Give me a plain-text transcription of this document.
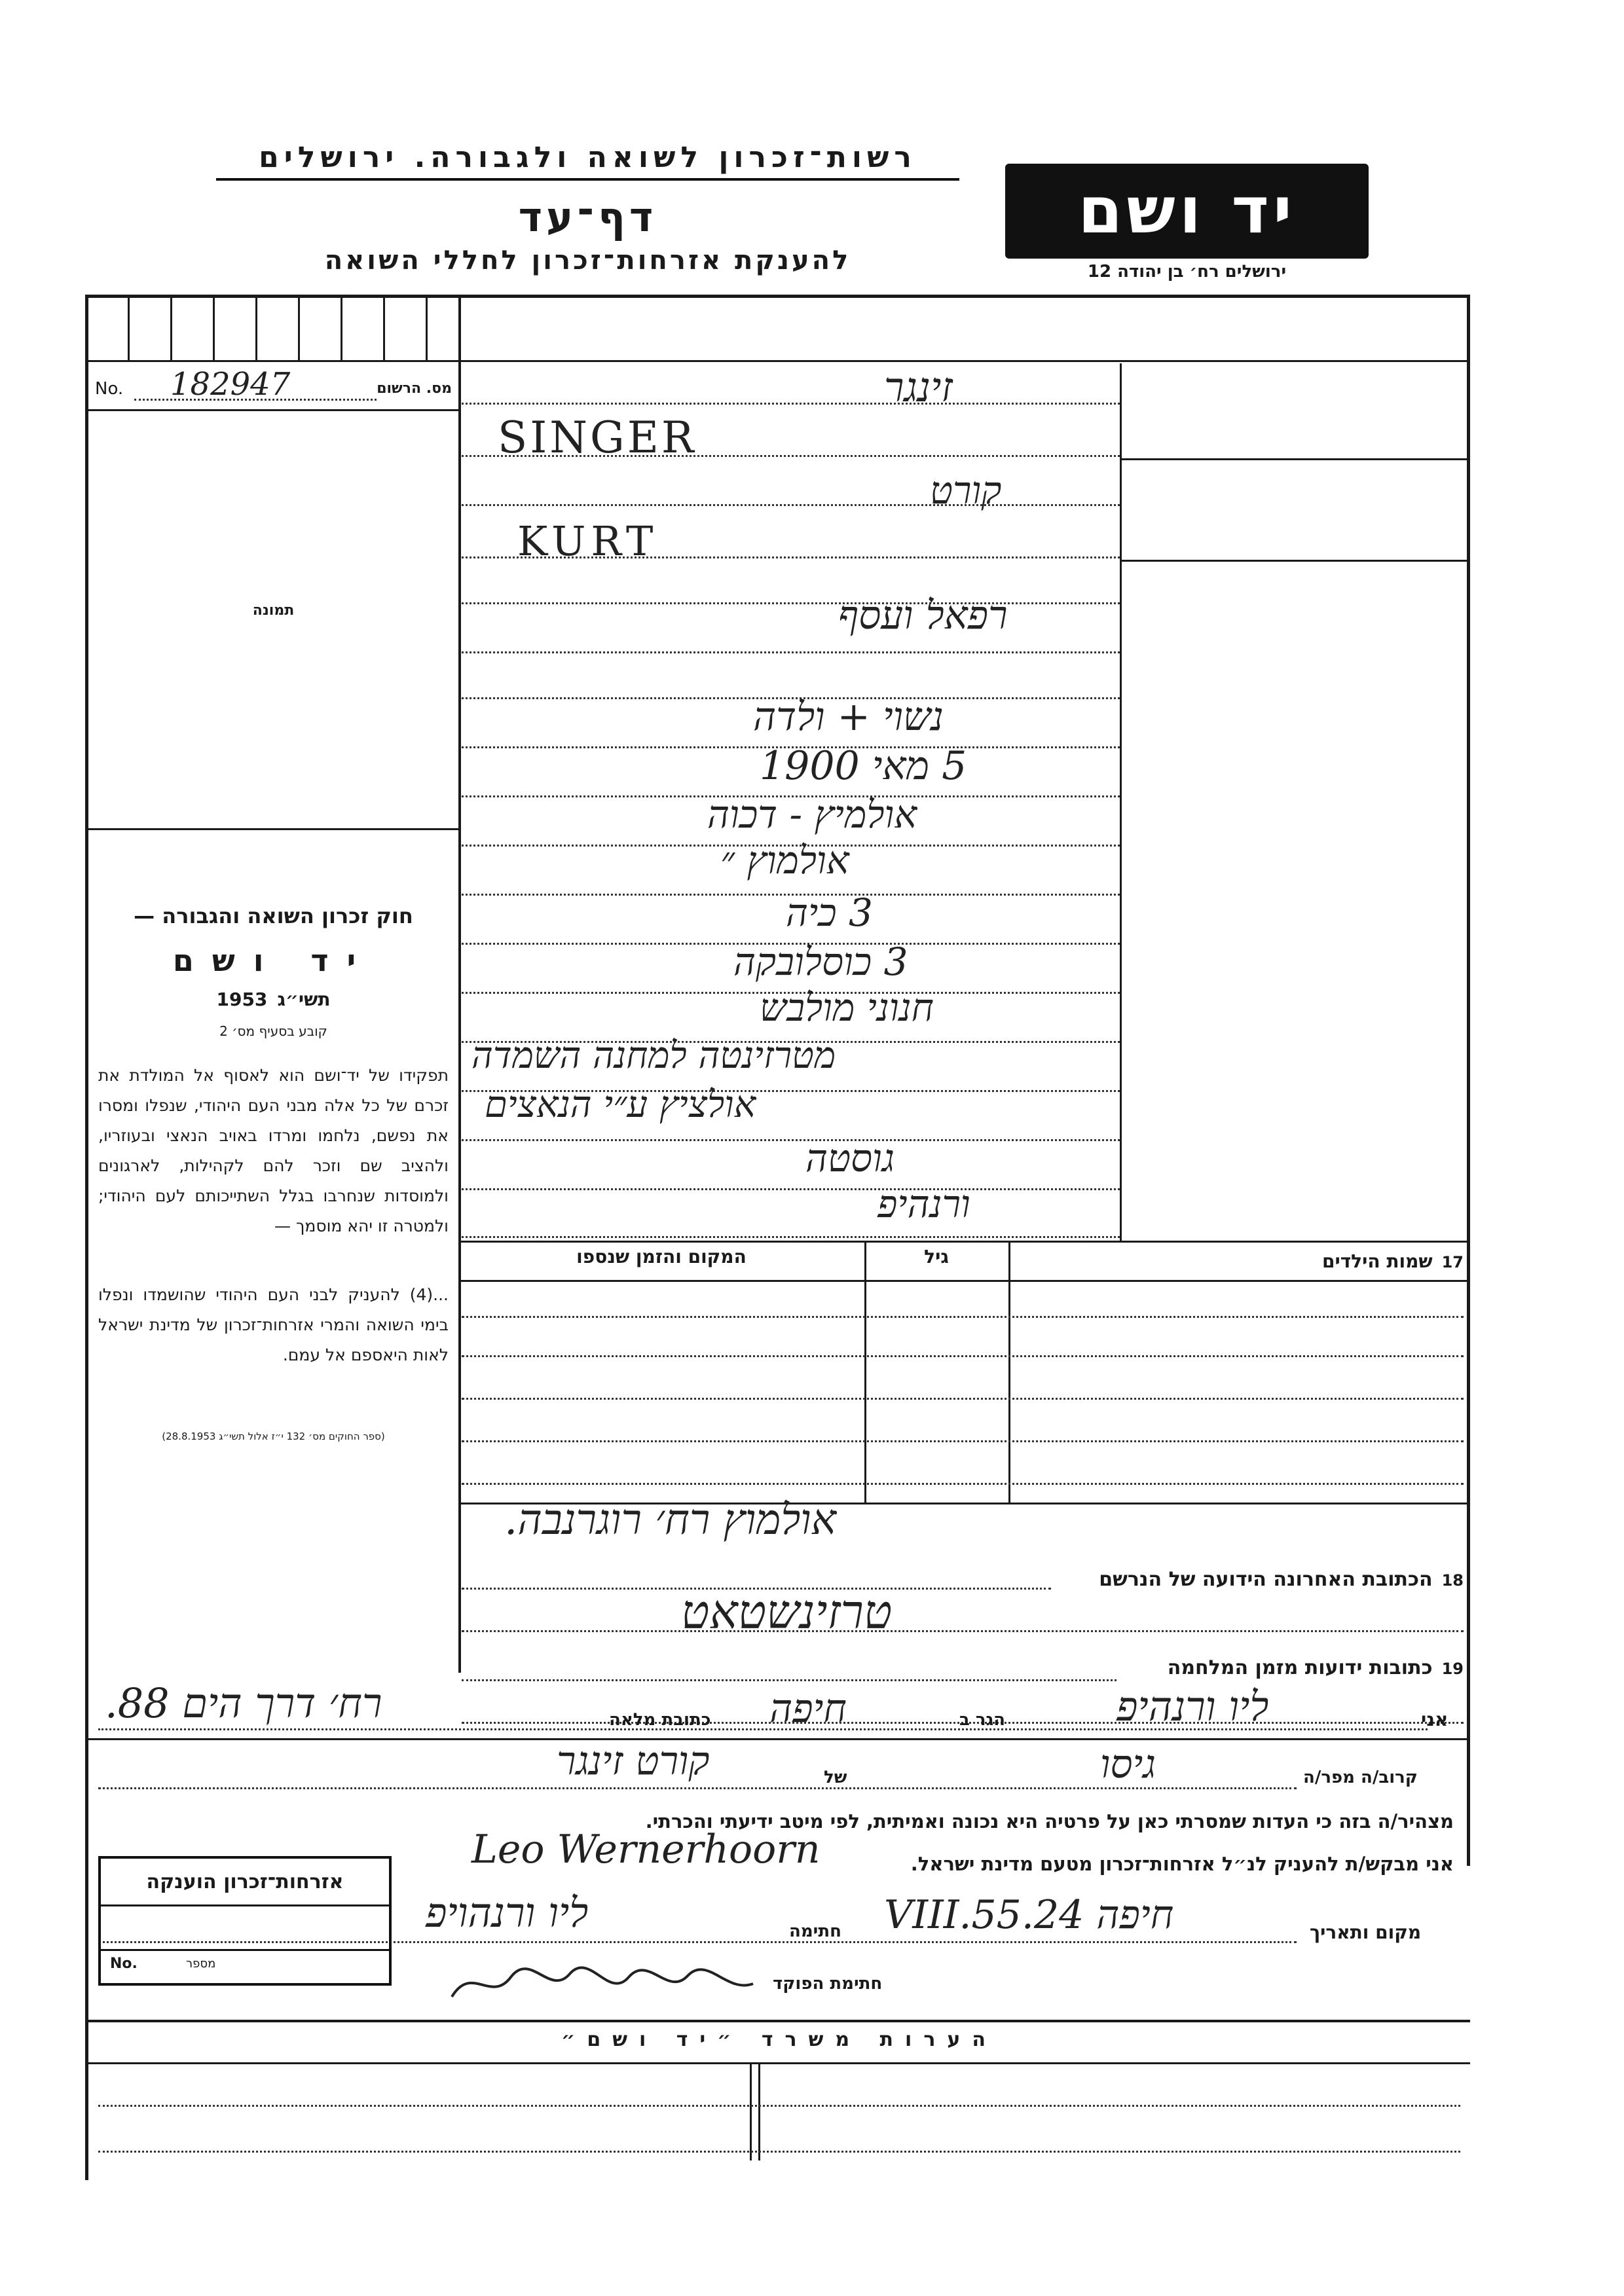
רשות־זכרון לשואה ולגבורה. ירושלים
דף־עד
להענקת אזרחות־זכרון לחללי השואה
יד ושם
ירושלים רח׳ בן יהודה 12
No. 182947	מס. הרשום
תמונה
חוק זכרון השואה והגבורה —
יד ושם
תשי״ג 1953
קובע בסעיף מס׳ 2
תפקידו של יד־ושם הוא לאסוף אל המולדת את זכרם של כל אלה מבני העם היהודי, שנפלו ומסרו את נפשם, נלחמו ומרדו באויב הנאצי ובעוזריו, ולהציב שם וזכר להם לקהילות, לארגונים ולמוסדות שנחרבו בגלל השתייכותם לעם היהודי; ולמטרה זו יהא מוסמך —
...(4) להעניק לבני העם היהודי שהושמדו ונפלו בימי השואה והמרי אזרחות־זכרון של מדינת ישראל לאות היאספם אל עמם.
(ספר החוקים מס׳ 132 י״ז אלול תשי״ג 28.8.1953)
זינגר
SINGER
קורט
KURT
רפאל ועסף
נשוי + ולדה
5 מאי 1900
אולמיץ - דכוה
אולמוץ ״
3 כיה
3 כוסלובקה
חנוני מולבש
מטרזינטה למחנה השמדה
אולציץ ע״י הנאצים
גוסטה
ורנהיפ
17שמות הילדים
גיל
המקום והזמן שנספו
18הכתובת האחרונה הידועה של הנרשם
אולמוץ רח׳ רוגרנבה.
19כתובות ידועות מזמן המלחמה
טרזינשטאט
אני
ליו ורנהיפ
הגר ב
חיפה
כתובת מלאה
רח׳ דרך הים 88.
קרוב/ה מפר/ה
גיסו
של
קורט זינגר
מצהיר/ה בזה כי העדות שמסרתי כאן על פרטיה היא נכונה ואמיתית, לפי מיטב ידיעתי והכרתי.
אני מבקש/ת להעניק לנ״ל אזרחות־זכרון מטעם מדינת ישראל.
Leo Wernerhoorn
מקום ותאריך
חיפה 24.VIII.55
חתימה
ליו ורנהויפ
חתימת הפוקד
אזרחות־זכרון הוענקה
No.	מספר
הערות משרד ״יד ושם״
